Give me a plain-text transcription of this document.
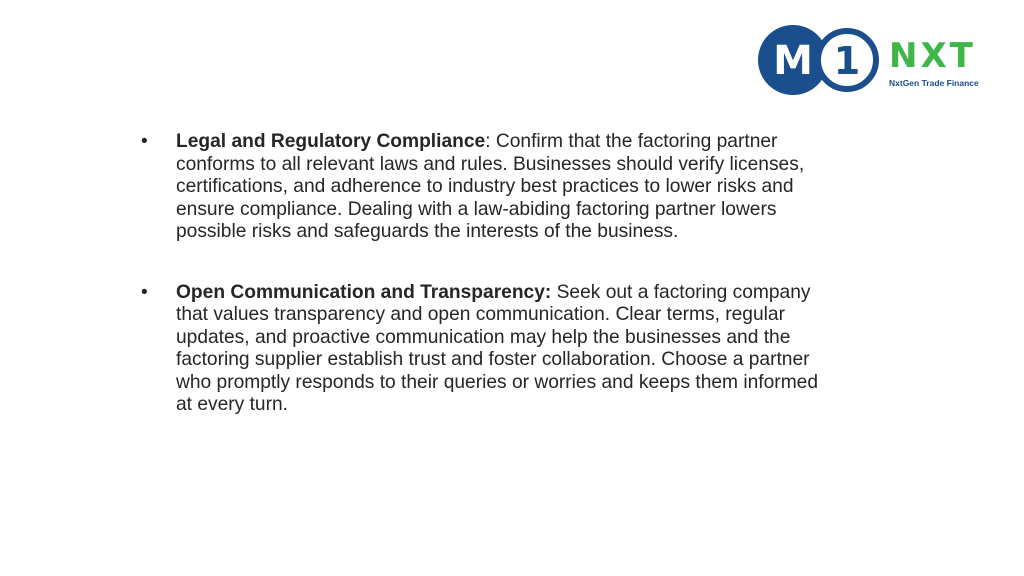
M 1 NXT
NxtGen Trade Finance
•	Legal and Regulatory Compliance: Confirm that the factoring partner conforms to all relevant laws and rules. Businesses should verify licenses, certifications, and adherence to industry best practices to lower risks and ensure compliance. Dealing with a law-abiding factoring partner lowers possible risks and safeguards the interests of the business.
•	Open Communication and Transparency: Seek out a factoring company that values transparency and open communication. Clear terms, regular updates, and proactive communication may help the businesses and the factoring supplier establish trust and foster collaboration. Choose a partner who promptly responds to their queries or worries and keeps them informed at every turn.
